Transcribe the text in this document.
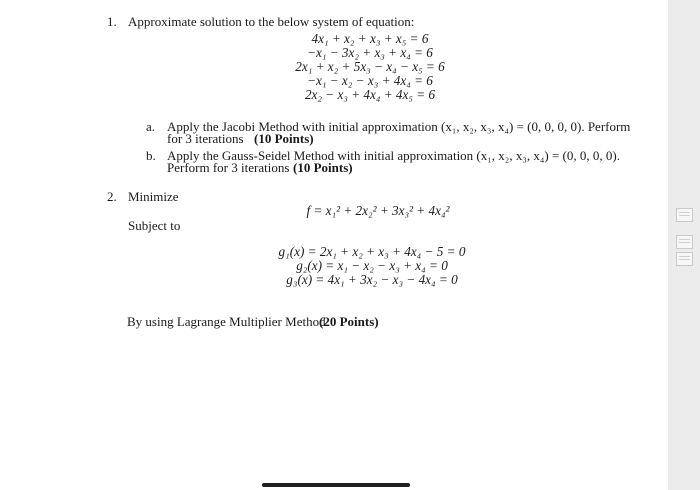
1. Approximate solution to the below system of equation:
4x₁ + x₂ + x₃ + x₅ = 6
−x₁ − 3x₂ + x₃ + x₄ = 6
2x₁ + x₂ + 5x₃ − x₄ − x₅ = 6
−x₁ − x₂ − x₃ + 4x₄ = 6
2x₂ − x₃ + 4x₄ + 4x₅ = 6
a. Apply the Jacobi Method with initial approximation (x₁, x₂, x₃, x₄) = (0, 0, 0, 0). Perform
for 3 iterations (10 Points)
b. Apply the Gauss-Seidel Method with initial approximation (x₁, x₂, x₃, x₄) = (0, 0, 0, 0).
Perform for 3 iterations (10 Points)
2. Minimize
f = x₁² + 2x₂² + 3x₃² + 4x₄²
Subject to
g₁(x) = 2x₁ + x₂ + x₃ + 4x₄ − 5 = 0
g₂(x) = x₁ − x₂ − x₃ + x₄ = 0
g₃(x) = 4x₁ + 3x₂ − x₃ − 4x₄ = 0
By using Lagrange Multiplier Method
(20 Points)
